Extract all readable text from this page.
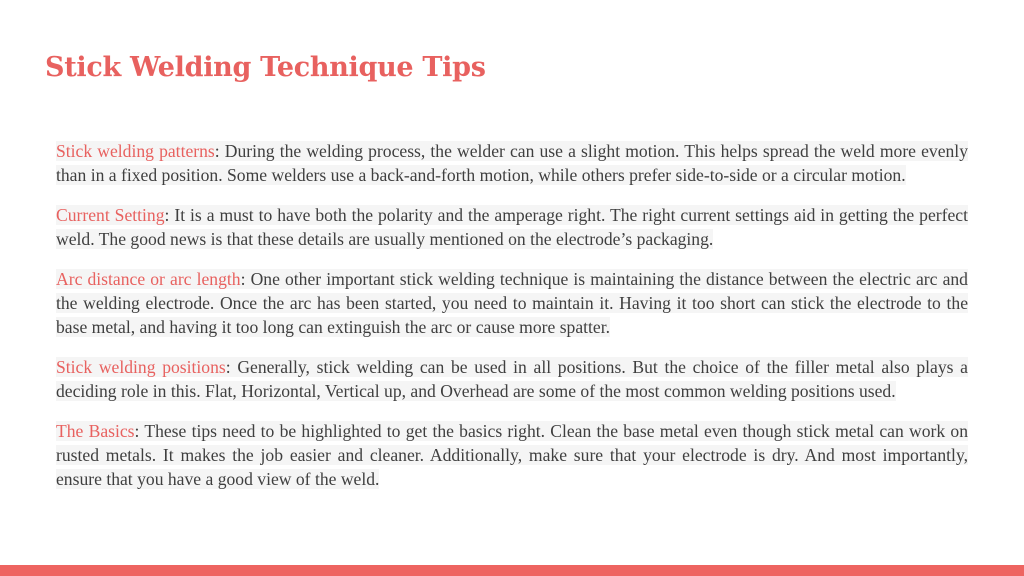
Stick Welding Technique Tips

Stick welding patterns: During the welding process, the welder can use a slight motion. This helps spread the weld more evenly than in a fixed position. Some welders use a back-and-forth motion, while others prefer side-to-side or a circular motion.

Current Setting: It is a must to have both the polarity and the amperage right. The right current settings aid in getting the perfect weld. The good news is that these details are usually mentioned on the electrode’s packaging.

Arc distance or arc length: One other important stick welding technique is maintaining the distance between the electric arc and the welding electrode. Once the arc has been started, you need to maintain it. Having it too short can stick the electrode to the base metal, and having it too long can extinguish the arc or cause more spatter.

Stick welding positions: Generally, stick welding can be used in all positions. But the choice of the filler metal also plays a deciding role in this. Flat, Horizontal, Vertical up, and Overhead are some of the most common welding positions used.

The Basics: These tips need to be highlighted to get the basics right. Clean the base metal even though stick metal can work on rusted metals. It makes the job easier and cleaner. Additionally, make sure that your electrode is dry. And most importantly, ensure that you have a good view of the weld.
